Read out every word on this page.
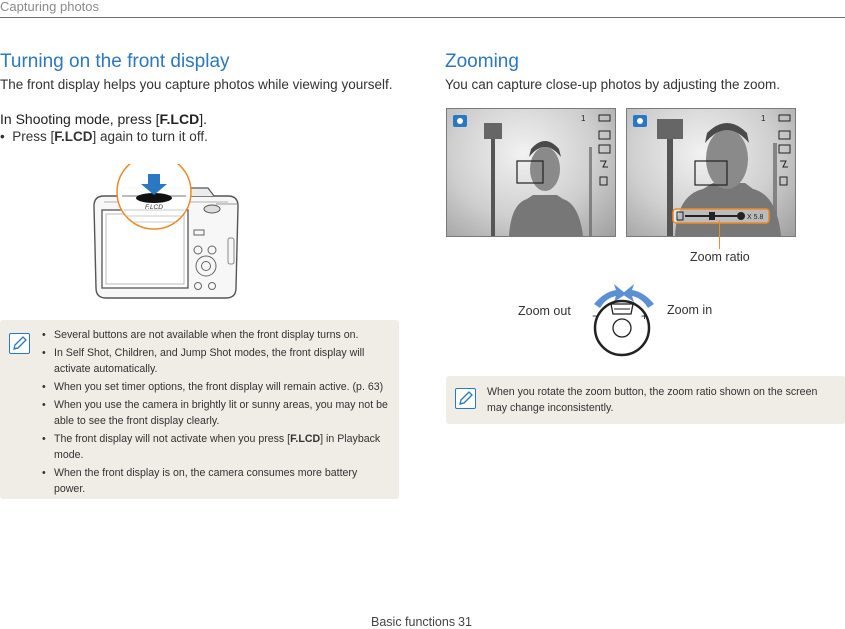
Capturing photos
Turning on the front display
The front display helps you capture photos while viewing yourself.
In Shooting mode, press [F.LCD].
•  Press [F.LCD] again to turn it off.
F.LCD
• Several buttons are not available when the front display turns on.
• In Self Shot, Children, and Jump Shot modes, the front display will activate automatically.
• When you set timer options, the front display will remain active. (p. 63)
• When you use the camera in brightly lit or sunny areas, you may not be able to see the front display clearly.
• The front display will not activate when you press [F.LCD] in Playback mode.
• When the front display is on, the camera consumes more battery power.
Zooming
You can capture close-up photos by adjusting the zoom.
1	1
X 5.8
Zoom ratio
Zoom out	Zoom in
−	+
When you rotate the zoom button, the zoom ratio shown on the screen may change inconsistently.
Basic functions 31
